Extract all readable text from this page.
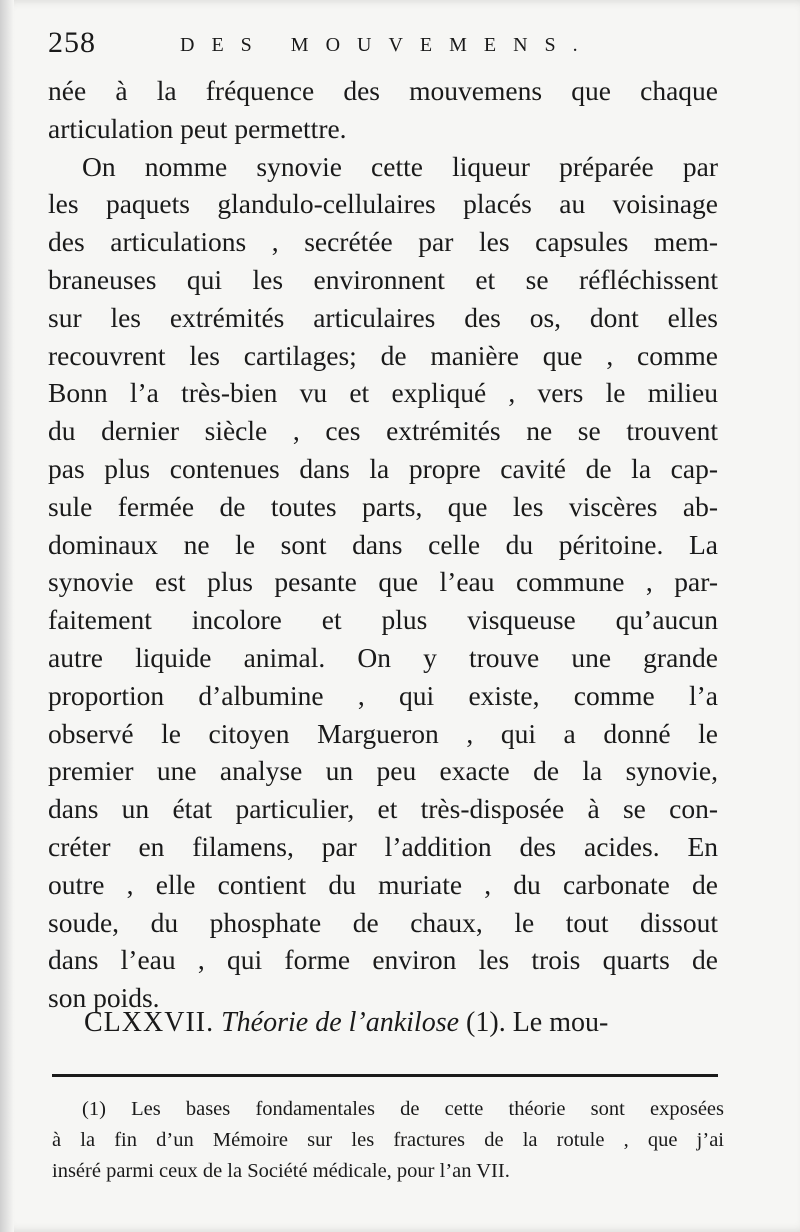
258	DES MOUVEMENS.
née à la fréquence des mouvemens que chaque
articulation peut permettre.
On nomme synovie cette liqueur préparée par
les paquets glandulo-cellulaires placés au voisinage
des articulations , secrétée par les capsules mem-
braneuses qui les environnent et se réfléchissent
sur les extrémités articulaires des os, dont elles
recouvrent les cartilages; de manière que , comme
Bonn l’a très-bien vu et expliqué , vers le milieu
du dernier siècle , ces extrémités ne se trouvent
pas plus contenues dans la propre cavité de la cap-
sule fermée de toutes parts, que les viscères ab-
dominaux ne le sont dans celle du péritoine. La
synovie est plus pesante que l’eau commune , par-
faitement incolore et plus visqueuse qu’aucun
autre liquide animal. On y trouve une grande
proportion d’albumine , qui existe, comme l’a
observé le citoyen Margueron , qui a donné le
premier une analyse un peu exacte de la synovie,
dans un état particulier, et très-disposée à se con-
créter en filamens, par l’addition des acides. En
outre , elle contient du muriate , du carbonate de
soude, du phosphate de chaux, le tout dissout
dans l’eau , qui forme environ les trois quarts de
son poids.
CLXXVII. Théorie de l’ankilose (1). Le mou-
(1) Les bases fondamentales de cette théorie sont exposées
à la fin d’un Mémoire sur les fractures de la rotule , que j’ai
inséré parmi ceux de la Société médicale, pour l’an VII.
